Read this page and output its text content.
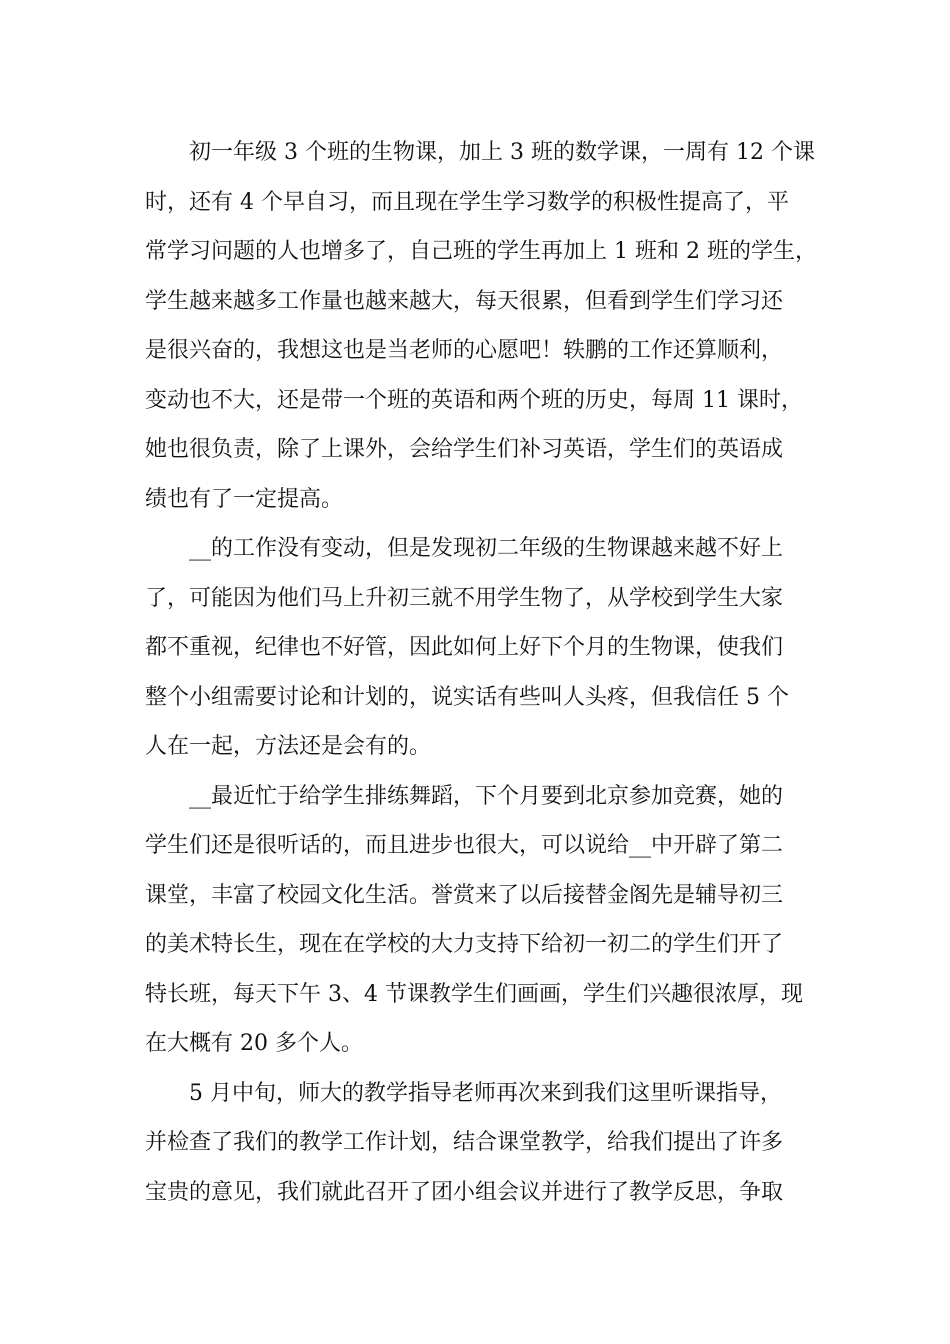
初一年级 3 个班的生物课，加上 3 班的数学课，一周有 12 个课
时，还有 4 个早自习，而且现在学生学习数学的积极性提高了，平
常学习问题的人也增多了，自己班的学生再加上 1 班和 2 班的学生，
学生越来越多工作量也越来越大，每天很累，但看到学生们学习还
是很兴奋的，我想这也是当老师的心愿吧！轶鹏的工作还算顺利，
变动也不大，还是带一个班的英语和两个班的历史，每周 11 课时，
她也很负责，除了上课外，会给学生们补习英语，学生们的英语成
绩也有了一定提高。
__的工作没有变动，但是发现初二年级的生物课越来越不好上
了，可能因为他们马上升初三就不用学生物了，从学校到学生大家
都不重视，纪律也不好管，因此如何上好下个月的生物课，使我们
整个小组需要讨论和计划的，说实话有些叫人头疼，但我信任 5 个
人在一起，方法还是会有的。
__最近忙于给学生排练舞蹈，下个月要到北京参加竞赛，她的
学生们还是很听话的，而且进步也很大，可以说给__中开辟了第二
课堂，丰富了校园文化生活。誉赏来了以后接替金阁先是辅导初三
的美术特长生，现在在学校的大力支持下给初一初二的学生们开了
特长班，每天下午 3、4 节课教学生们画画，学生们兴趣很浓厚，现
在大概有 20 多个人。
5 月中旬，师大的教学指导老师再次来到我们这里听课指导，
并检查了我们的教学工作计划，结合课堂教学，给我们提出了许多
宝贵的意见，我们就此召开了团小组会议并进行了教学反思，争取
